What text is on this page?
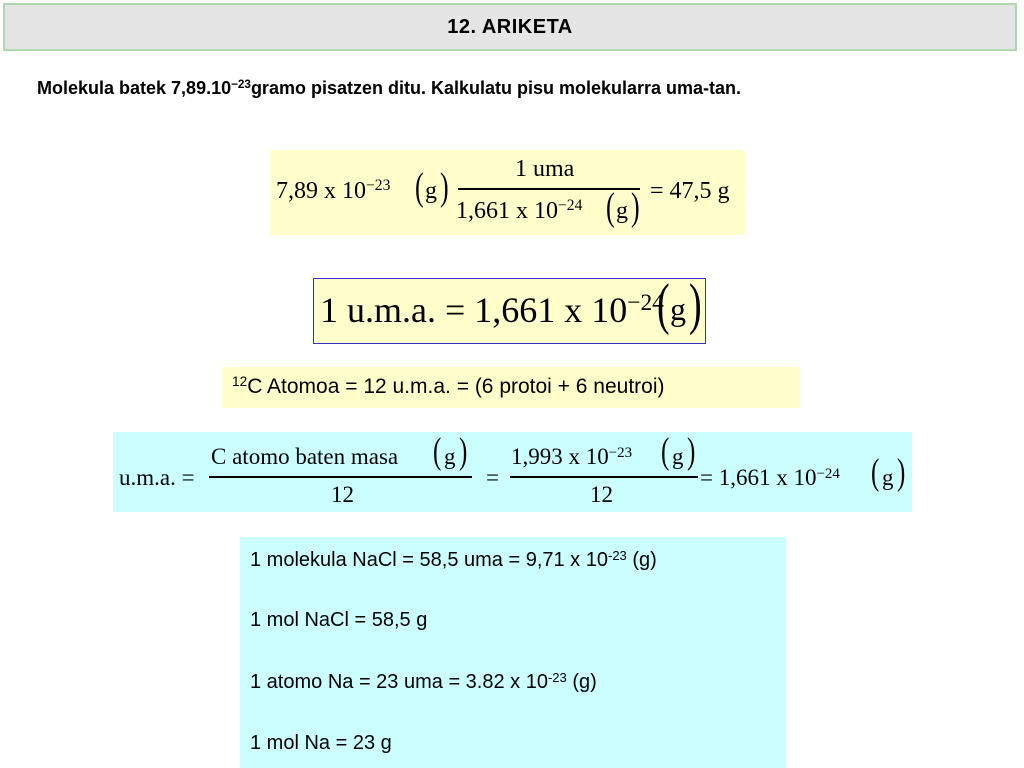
12. ARIKETA
Molekula batek $7,89.10^{-23}gramo$ pisatzen ditu. Kalkulatu pisu molekularra uma-tan.
7,89 x $10^{-23}$ ( g )	1 uma
1,661 x $10^{-24}$ ( g ) = 47,5 g
1 u.m.a. = 1,661 x $10^{-24}$
( g )
$^{12}$C Atomoa = 12 u.m.a. = (6 protoi + 6 neutroi)
u.m.a. =
C atomo baten masa ( g )
12
=
1,993 x $10^{-23}$ ( g )
12
= 1,661 x $10^{-24}$ ( g )
1 molekula NaCl = 58,5 uma = 9,71 x $10^{-23}$ (g)
1 mol NaCl = 58,5 g
1 atomo Na = 23 uma = 3.82 x $10^{-23}$ (g)
1 mol Na = 23 g
